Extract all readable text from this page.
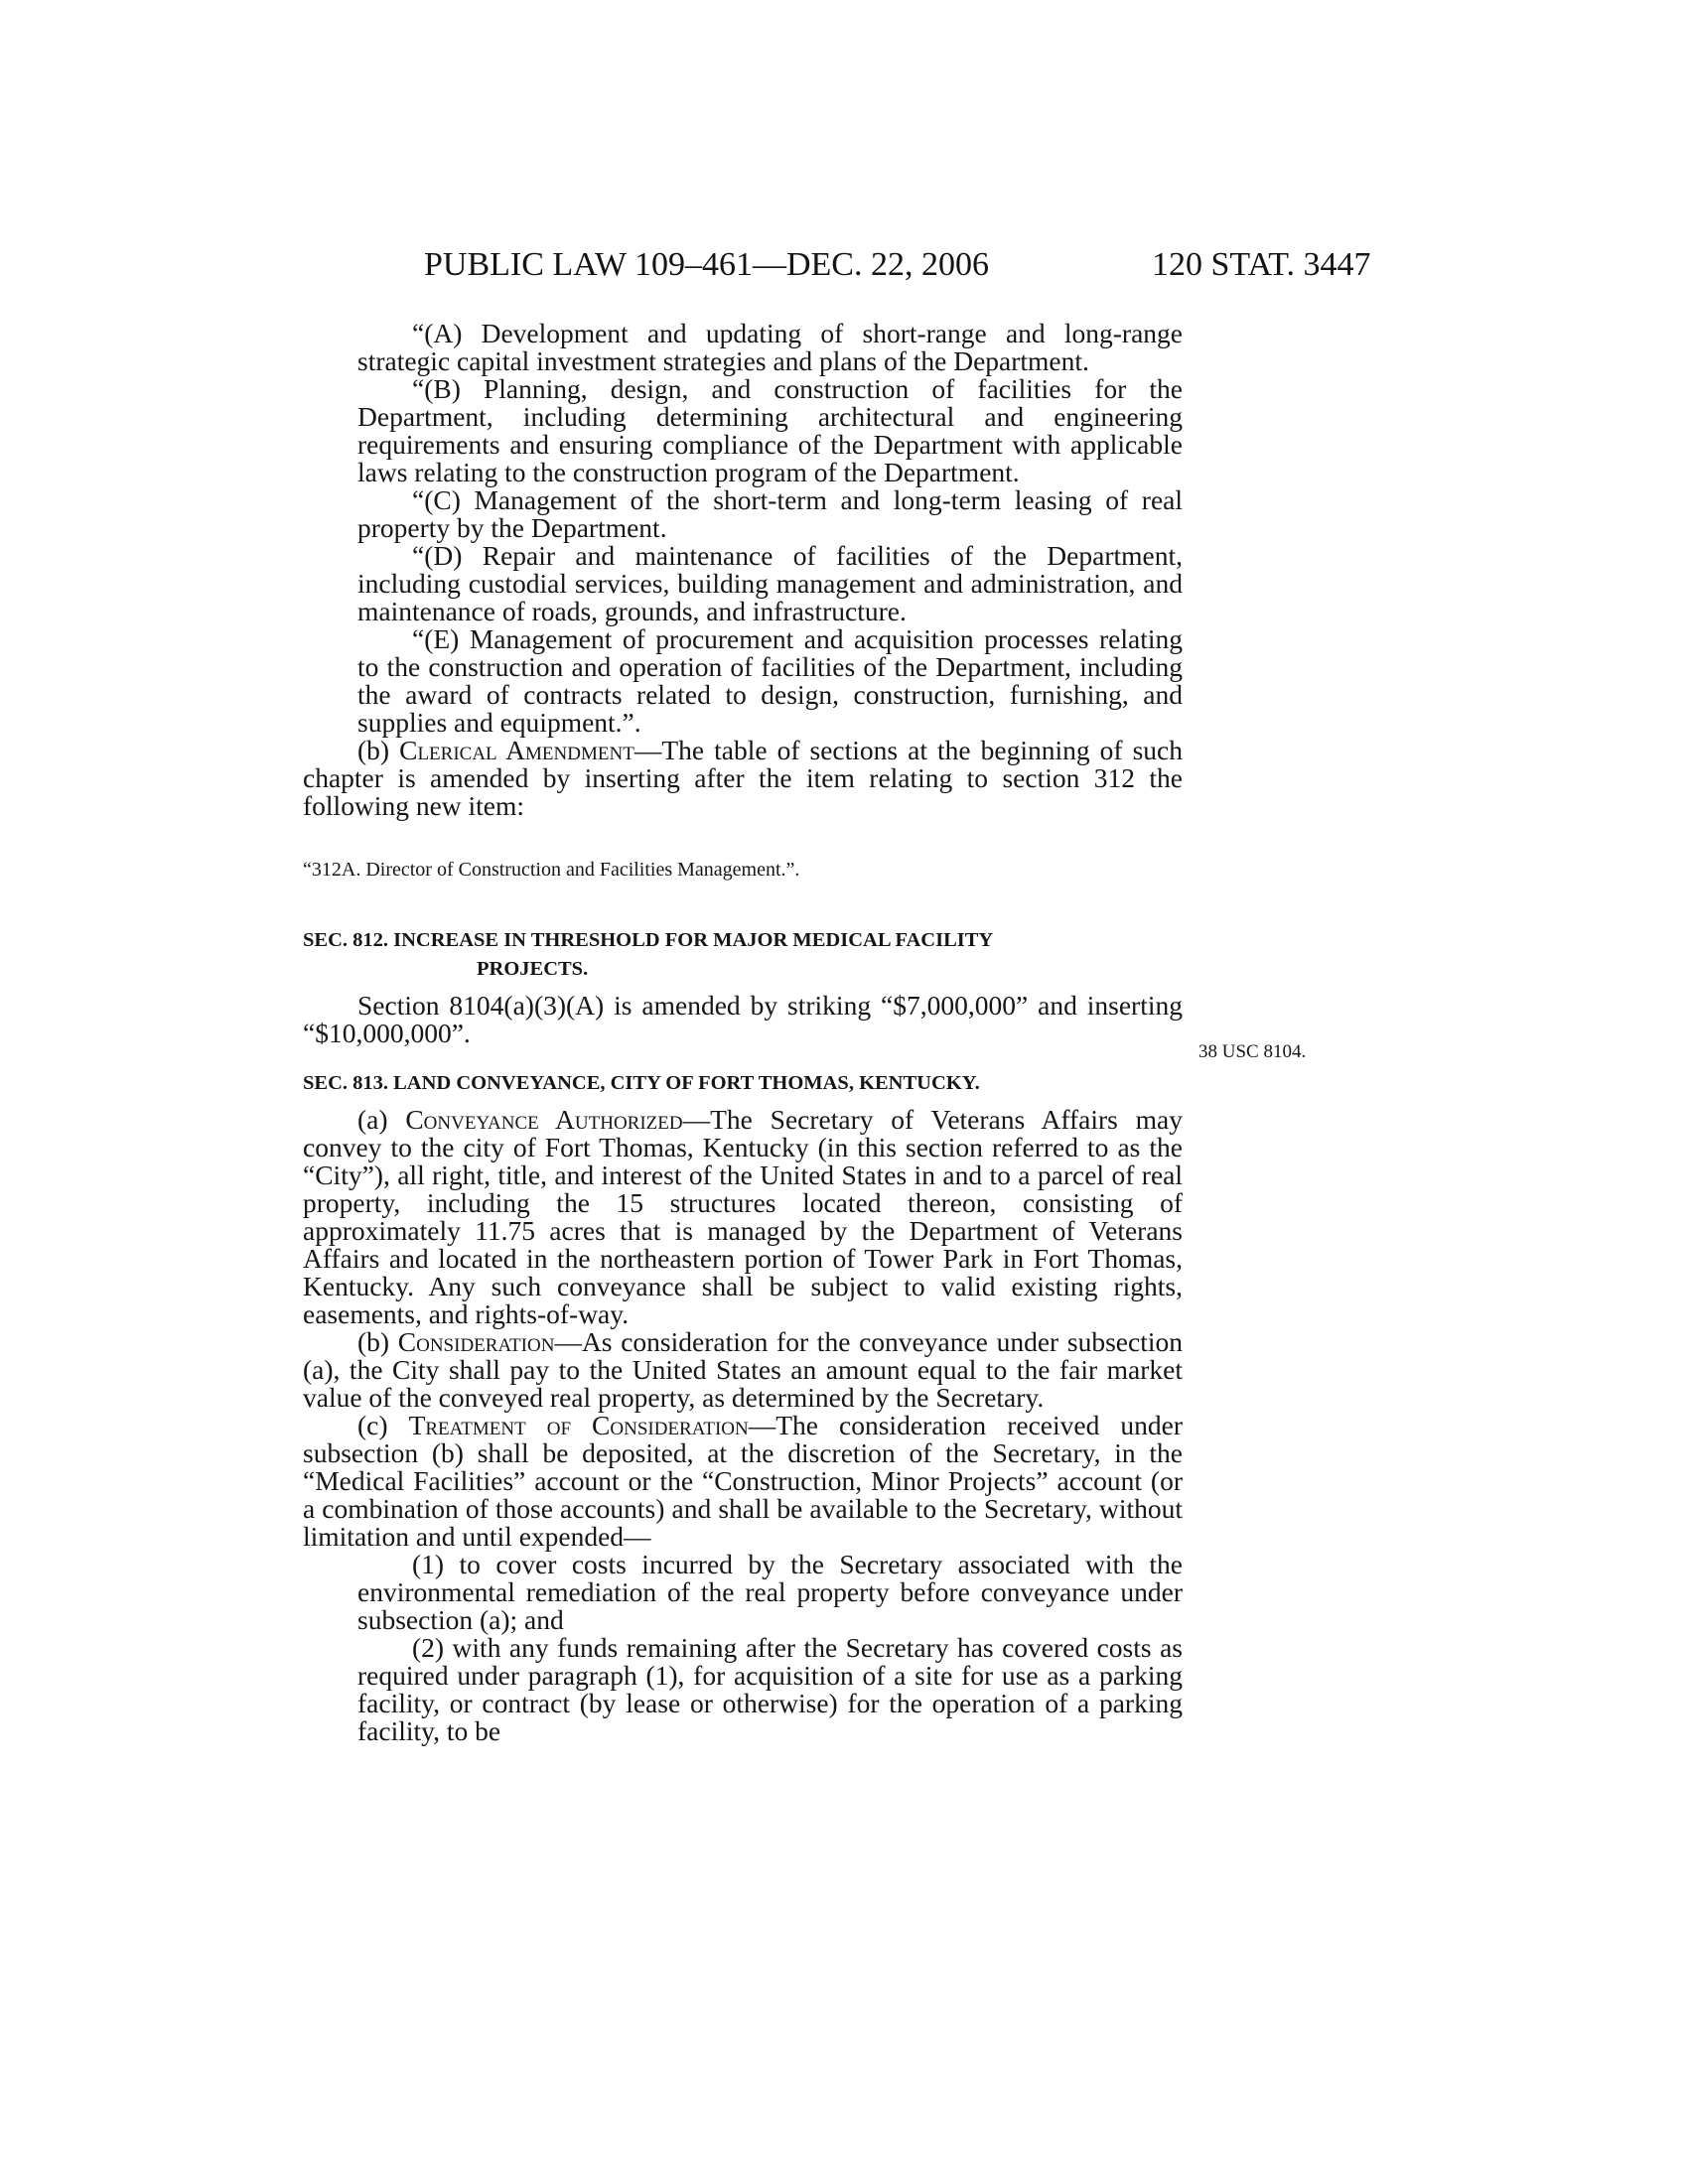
PUBLIC LAW 109–461—DEC. 22, 2006	120 STAT. 3447

“(A) Development and updating of short-range and long-range strategic capital investment strategies and plans of the Department.

“(B) Planning, design, and construction of facilities for the Department, including determining architectural and engineering requirements and ensuring compliance of the Department with applicable laws relating to the construction program of the Department.

“(C) Management of the short-term and long-term leasing of real property by the Department.

“(D) Repair and maintenance of facilities of the Department, including custodial services, building management and administration, and maintenance of roads, grounds, and infrastructure.

“(E) Management of procurement and acquisition processes relating to the construction and operation of facilities of the Department, including the award of contracts related to design, construction, furnishing, and supplies and equipment.”.

(b) Clerical Amendment—The table of sections at the beginning of such chapter is amended by inserting after the item relating to section 312 the following new item:

“312A. Director of Construction and Facilities Management.”.

SEC. 812. INCREASE IN THRESHOLD FOR MAJOR MEDICAL FACILITY
PROJECTS.

Section 8104(a)(3)(A) is amended by striking “$7,000,000” and inserting “$10,000,000”.

SEC. 813. LAND CONVEYANCE, CITY OF FORT THOMAS, KENTUCKY.

(a) Conveyance Authorized—The Secretary of Veterans Affairs may convey to the city of Fort Thomas, Kentucky (in this section referred to as the “City”), all right, title, and interest of the United States in and to a parcel of real property, including the 15 structures located thereon, consisting of approximately 11.75 acres that is managed by the Department of Veterans Affairs and located in the northeastern portion of Tower Park in Fort Thomas, Kentucky. Any such conveyance shall be subject to valid existing rights, easements, and rights-of-way.

(b) Consideration—As consideration for the conveyance under subsection (a), the City shall pay to the United States an amount equal to the fair market value of the conveyed real property, as determined by the Secretary.

(c) Treatment of Consideration—The consideration received under subsection (b) shall be deposited, at the discretion of the Secretary, in the “Medical Facilities” account or the “Construction, Minor Projects” account (or a combination of those accounts) and shall be available to the Secretary, without limitation and until expended—

(1) to cover costs incurred by the Secretary associated with the environmental remediation of the real property before conveyance under subsection (a); and

(2) with any funds remaining after the Secretary has covered costs as required under paragraph (1), for acquisition of a site for use as a parking facility, or contract (by lease or otherwise) for the operation of a parking facility, to be

38 USC 8104.
